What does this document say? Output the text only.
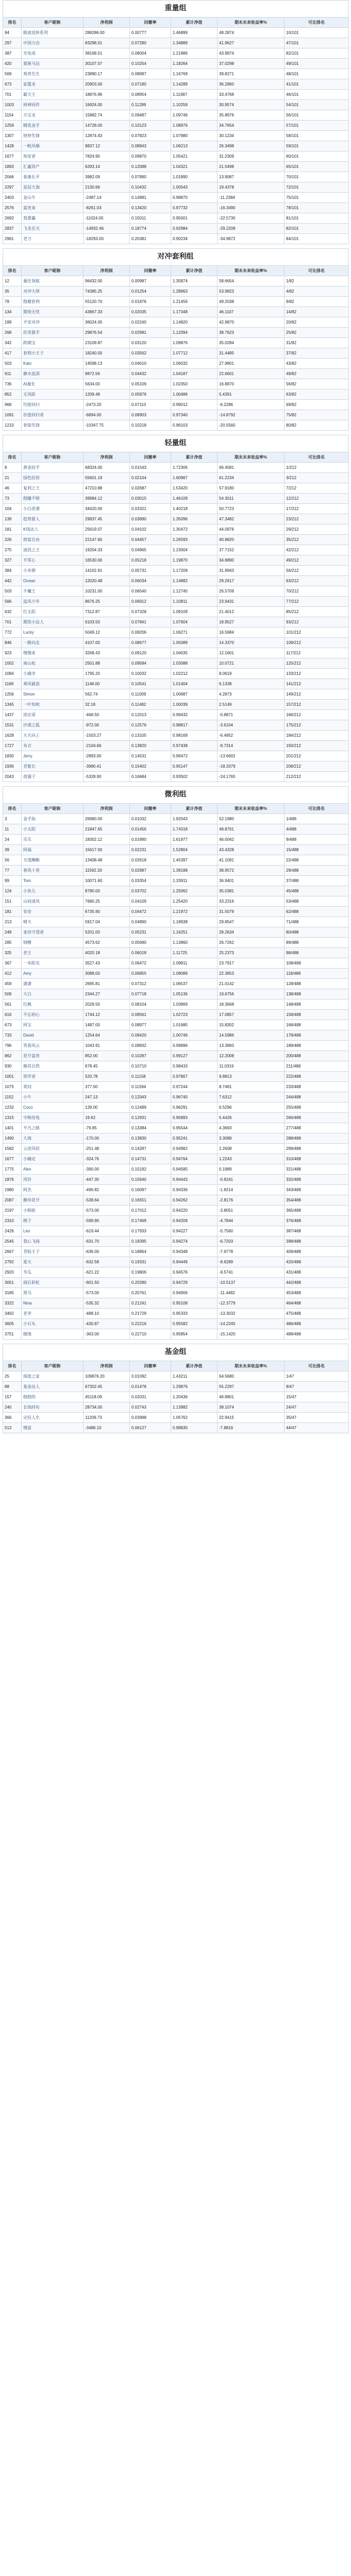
重量组
排名	客户昵称	净利润	回撤率	累计净值	期末未来收益率%	可比排名
94	眼波流转系列	289286.00	0.00777	1.46899	48.2874	10/101
297	中国力出	83298.01	0.07280	1.34889	41.9627	47/101
387	光电成	38168.01	0.08004	1.21886	43.9874	82/101
420	蒙族马达	30107.07	0.10254	1.18264	37.0298	49/101
569	观奇先生	23890.17	0.08987	1.16769	39.8271	48/101
673	家盟龙	20903.00	0.07180	1.14289	36.2860	41/101
701	霸天王	18876.96	0.08954	1.11987	33.4768	46/101
1003	财神同伴	16924.00	0.11289	1.10259	30.9574	54/101
1154	万宝龙	15882.74	0.09487	1.09746	35.8976	56/101
1259	精选金手	14728.00	0.10123	1.08976	34.7654	57/101
1307	财财先锋	12874.43	0.07823	1.07980	30.1234	58/101
1428	一帆风顺	9837.12	0.08943	1.06213	26.3498	59/101
1677	知安者	7824.90	0.09870	1.05421	31.2309	60/101
1893	汇鑫资产	6293.14	0.12088	1.04321	21.5498	65/101
2046	泰康长平	3982.09	0.07890	1.01890	13.9087	70/101
2297	星辰大海	2130.66	0.10432	1.00543	19.4378	72/101
2403	金山牛	-2487.14	0.14981	0.98870	-11.2384	75/101
2576	富贵来	-8261.03	0.13420	0.97732	-16.3490	78/101
2692	我要赢	-11024.00	0.15011	0.95001	-22.5730	81/101
2837	飞龙在天	-14932.46	0.18774	0.92984	-29.2208	82/101
2961	老刀	-18293.00	0.20381	0.90234	-34.9872	84/101
对冲套利组
排名	客户昵称	净利润	回撤率	累计净值	期末未来收益率%	可比排名
12	量化领航	96432.00	0.00987	1.35874	58.6654	1/82
35	对冲大师	74385.25	0.01254	1.28963	53.9823	4/82
78	稳健套利	55120.70	0.01876	1.21456	49.2038	9/82
134	期现无忧	43867.33	0.02035	1.17348	46.1107	14/82
199	平安对冲	36024.00	0.02240	1.14820	42.9870	20/82
268	价差猎手	29876.54	0.02981	1.12094	38.7623	25/82
342	跨期宝	23109.87	0.03120	1.09876	35.0284	31/82
417	套利小王子	18240.00	0.03562	1.07712	31.4485	37/82
503	Kalo	14598.13	0.04010	1.06032	27.9801	43/82
611	静水流深	9872.56	0.04432	1.04187	22.6601	49/82
736	AI量化	5634.00	0.05109	1.02350	16.8870	56/82
852	无风险	1209.48	0.05876	1.00486	5.4391	63/82
968	均值回归	-2473.20	0.07110	0.99012	-6.2286	69/82
1091	价值回归者	-6894.00	0.08903	0.97340	-14.8792	75/82
1210	套保先锋	-10347.75	0.10218	0.96103	-20.5560	80/82
轻量组
排名	客户昵称	净利润	回撤率	累计净值	期末未来收益率%	可比排名
8	黄金投手	68324.00	0.01543	1.72306	66.4581	1/212
21	绿色投资	55601.19	0.02104	1.60987	61.2234	3/212
46	复利之王	47210.88	0.02687	1.53420	57.9180	7/212
73	稳赚不赔	39984.12	0.03015	1.46109	54.3011	12/212
104	小白逆袭	34420.00	0.03321	1.40218	50.7723	17/212
139	趋势猎人	29837.45	0.03890	1.35096	47.3482	23/212
181	K线达人	25619.07	0.04102	1.30472	44.0976	29/212
226	财富自由	22147.60	0.04457	1.26593	40.8820	35/212
275	波段之王	19204.33	0.04965	1.23004	37.7152	42/212
327	平常心	16530.00	0.05218	1.19870	34.8890	49/212
384	小米粥	14102.91	0.05731	1.17208	31.9943	56/212
442	Ocean	12020.48	0.06034	1.14882	29.2617	63/212
503	牛魔王	10231.00	0.06540	1.12745	26.5709	70/212
566	追风少年	8676.25	0.06912	1.10811	23.9431	77/212
632	红太阳	7312.87	0.07328	1.09109	21.4012	85/212
701	期货小达人	6103.50	0.07841	1.07604	18.9527	93/212
772	Lucky	5049.12	0.08206	1.06271	16.5984	101/212
846	一路向北	4107.00	0.08677	1.05089	14.3370	109/212
923	慢慢来	3268.43	0.09120	1.04035	12.1601	117/212
1002	南山松	2501.88	0.09584	1.03088	10.0721	125/212
1084	小确幸	1795.20	0.10032	1.02212	8.0619	133/212
1169	乘风破浪	1148.00	0.10541	1.01404	6.1338	141/212
1256	Simon	562.74	0.11009	1.00687	4.2873	149/212
1345	一叶知秋	32.18	0.11482	1.00039	2.5149	157/212
1437	淡定哥	-468.50	0.12013	0.99432	-0.8871	166/212
1531	沙漠之狐	-972.00	0.12576	0.98817	-3.6104	175/212
1628	天天向上	-1503.27	0.13105	0.98169	-6.4952	184/212
1727	布衣	-2104.66	0.13820	0.97438	-9.7314	193/212
1830	Jerry	-2893.00	0.14531	0.96472	-13.6602	201/212
1936	老船长	-3980.41	0.15402	0.95147	-18.3379	208/212
2043	夜猫子	-5328.90	0.16684	0.93502	-24.1765	212/212
微利组
排名	客户昵称	净利润	回撤率	累计净值	期末未来收益率%	可比排名
3	金手指	26980.00	0.01032	1.92043	52.1980	1/488
11	小太阳	21847.65	0.01456	1.74318	48.8761	4/488
24	乐乐	18302.12	0.01890	1.61977	46.0042	9/488
39	阿福	15617.00	0.02231	1.52804	43.4328	15/488
56	天道酬勤	13408.48	0.02618	1.45397	41.1091	22/488
77	春风十里	11592.33	0.02987	1.39188	38.9572	29/488
99	Tom	10071.60	0.03354	1.33911	36.9401	37/488
124	小鱼儿	8780.00	0.03702	1.29362	35.0381	45/488
151	山间清风	7680.25	0.04109	1.25420	33.2316	53/488
181	安安	6735.90	0.04472	1.21972	31.5079	62/488
213	晴天	5917.04	0.04890	1.18938	29.8547	71/488
248	麦田守望者	5201.00	0.05231	1.16251	28.2634	80/488
285	锦鲤	4573.62	0.05690	1.13860	26.7262	89/488
325	老王	4020.18	0.06018	1.11725	25.2373	98/488
367	一米阳光	3527.43	0.06472	1.09811	23.7917	108/488
412	Amy	3088.00	0.06855	1.08089	22.3853	118/488
459	潇潇	2695.81	0.07312	1.06537	21.0142	128/488
509	大白	2344.27	0.07718	1.05136	19.6756	138/488
561	红枫	2028.50	0.08104	1.03869	18.3668	148/488
616	不忘初心	1744.12	0.08561	1.02723	17.0857	158/488
673	阿宝	1487.00	0.08977	1.01685	15.8302	168/488
733	David	1254.64	0.09420	1.00746	14.5986	178/488
796	笑看风云	1043.91	0.09832	0.99896	13.3893	189/488
862	花开富贵	852.00	0.10287	0.99127	12.2008	200/488
930	顺其自然	678.45	0.10710	0.98433	11.0319	211/488
1001	初学者	520.78	0.11158	0.97807	9.8813	222/488
1075	莫问	377.50	0.11594	0.97244	8.7481	233/488
1152	小牛	247.13	0.12043	0.96740	7.6312	244/488
1232	Coco	128.00	0.12489	0.96291	6.5296	255/488
1315	守株待兔	19.62	0.12931	0.95893	5.4426	266/488
1401	平凡之路	-79.85	0.13384	0.95544	4.3693	277/488
1490	大海	-170.00	0.13830	0.95241	3.3089	288/488
1582	云淡风轻	-251.48	0.14287	0.94982	2.2608	299/488
1677	小确定	-324.76	0.14731	0.94764	1.2243	310/488
1775	Alex	-390.00	0.15192	0.94585	0.1989	321/488
1876	风铃	-447.30	0.15640	0.94443	-0.8161	332/488
1980	阿杰	-496.82	0.16097	0.94336	-1.8214	343/488
2087	静待花开	-538.64	0.16551	0.94262	-2.8176	354/488
2197	小蚂蚁	-573.00	0.17012	0.94220	-3.8051	365/488
2310	橙子	-599.90	0.17469	0.94209	-4.7844	376/488
2426	Leo	-619.44	0.17933	0.94227	-5.7560	387/488
2545	我心飞扬	-631.70	0.18395	0.94274	-6.7203	398/488
2667	青蛙王子	-636.00	0.18864	0.94348	-7.6778	409/488
2792	夏天	-632.58	0.19331	0.94449	-8.6289	420/488
2920	冬瓜	-621.22	0.19806	0.94576	-9.5741	431/488
3051	雨后彩虹	-601.50	0.20280	0.94729	-10.5137	442/488
3185	黑马	-573.00	0.20761	0.94906	-11.4482	453/488
3322	Nina	-535.32	0.21241	0.95108	-12.3779	464/488
3462	老李	-488.10	0.21729	0.95333	-13.3032	475/488
3605	小石头	-430.87	0.22216	0.95582	-14.2245	486/488
3751	随缘	-363.00	0.22710	0.95854	-15.1420	488/488
基金组
排名	客户昵称	净利润	回撤率	累计净值	期末未来收益率%	可比排名
25	保值之家	109876.20	0.01092	1.43211	64.5680	1/47
88	基金达人	67302.45	0.01478	1.29876	55.2297	8/47
157	稳稳的	45118.09	0.02031	1.20436	46.8801	15/47
240	长线持有	28734.00	0.02743	1.13982	38.1074	24/47
366	定投人生	11209.73	0.03988	1.05762	22.9415	35/47
512	慢富	-3486.10	0.06127	0.98830	-7.8816	44/47
